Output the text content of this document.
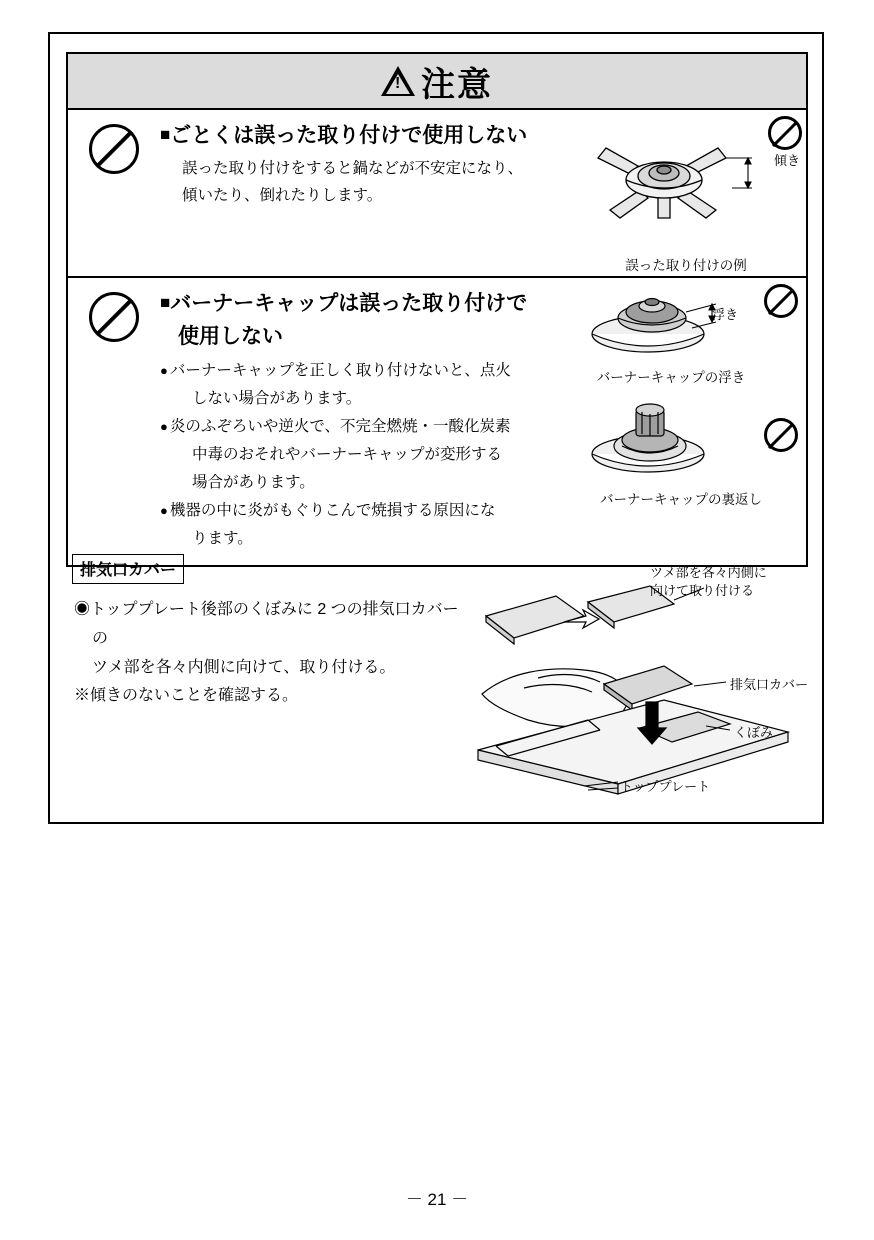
!
注意

■ごとくは誤った取り付けで使用しない

誤った取り付けをすると鍋などが不安定になり、

傾いたり、倒れたりします。

傾き
誤った取り付けの例

■バーナーキャップは誤った取り付けで

使用しない

● バーナーキャップを正しく取り付けないと、点火
しない場合があります。
● 炎のふぞろいや逆火で、不完全燃焼・一酸化炭素
中毒のおそれやバーナーキャップが変形する
場合があります。
● 機器の中に炎がもぐりこんで焼損する原因にな
ります。
浮き
バーナーキャップの浮き
バーナーキャップの裏返し
排気口カバー

◉トッププレート後部のくぼみに 2 つの排気口カバーの

ツメ部を各々内側に向けて、取り付ける。

※傾きのないことを確認する。

ツメ部を各々内側に
向けて取り付ける
排気口カバー
くぼみ
トッププレート
－ 21 －
